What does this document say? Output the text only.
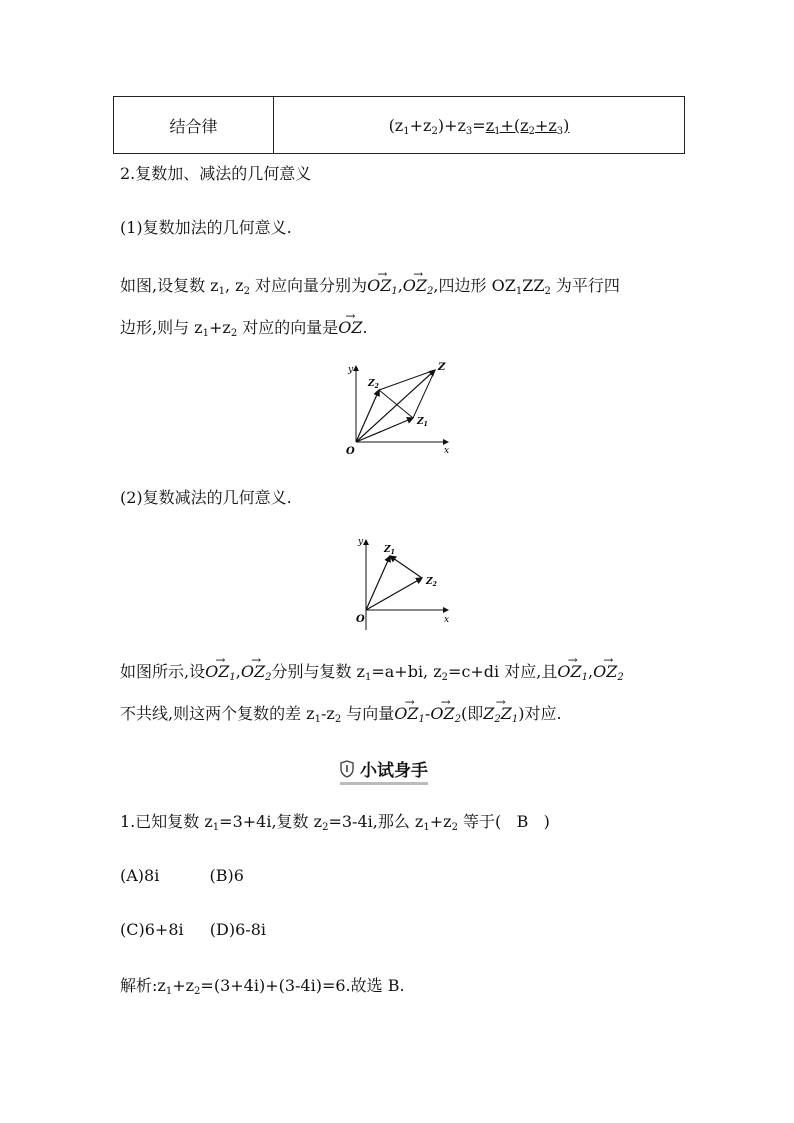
结合律	$(z_1+z_2)+z_3=z_1+(z_2+z_3)$
2.复数加、减法的几何意义
(1)复数加法的几何意义.
如图,设复数 $z_1$, $z_2$ 对应向量分别为→ $OZ_1,\to OZ_2$,四边形 $OZ_1ZZ_2$ 为平行四
边形,则与 $z_1+z_2$ 对应的向量是→ OZ.
y
x
O
Z
$Z_2$
$Z_1$
(2)复数减法的几何意义.
y
x
O
$Z_1$
$Z_2$
如图所示,设→ $OZ_1,\to OZ_2$分别与复数 $z_1=a+bi$, $z_2=c+di$ 对应,且→ $OZ_1,\to OZ_2$
不共线,则这两个复数的差 $z_1-z_2$ 与向量→ $OZ_1-\to OZ_2$(即→ $Z_2Z_1$)对应.
小试身手
1.已知复数 $z_1=3+4i$,复数 $z_2=3-4i$,那么 $z_1+z_2$ 等于( B )
(A)8i	(B)6
(C)6+8i (D)6-8i
解析$:z_1+z_2=(3+4i)+(3-4i)=6$.故选 B.
